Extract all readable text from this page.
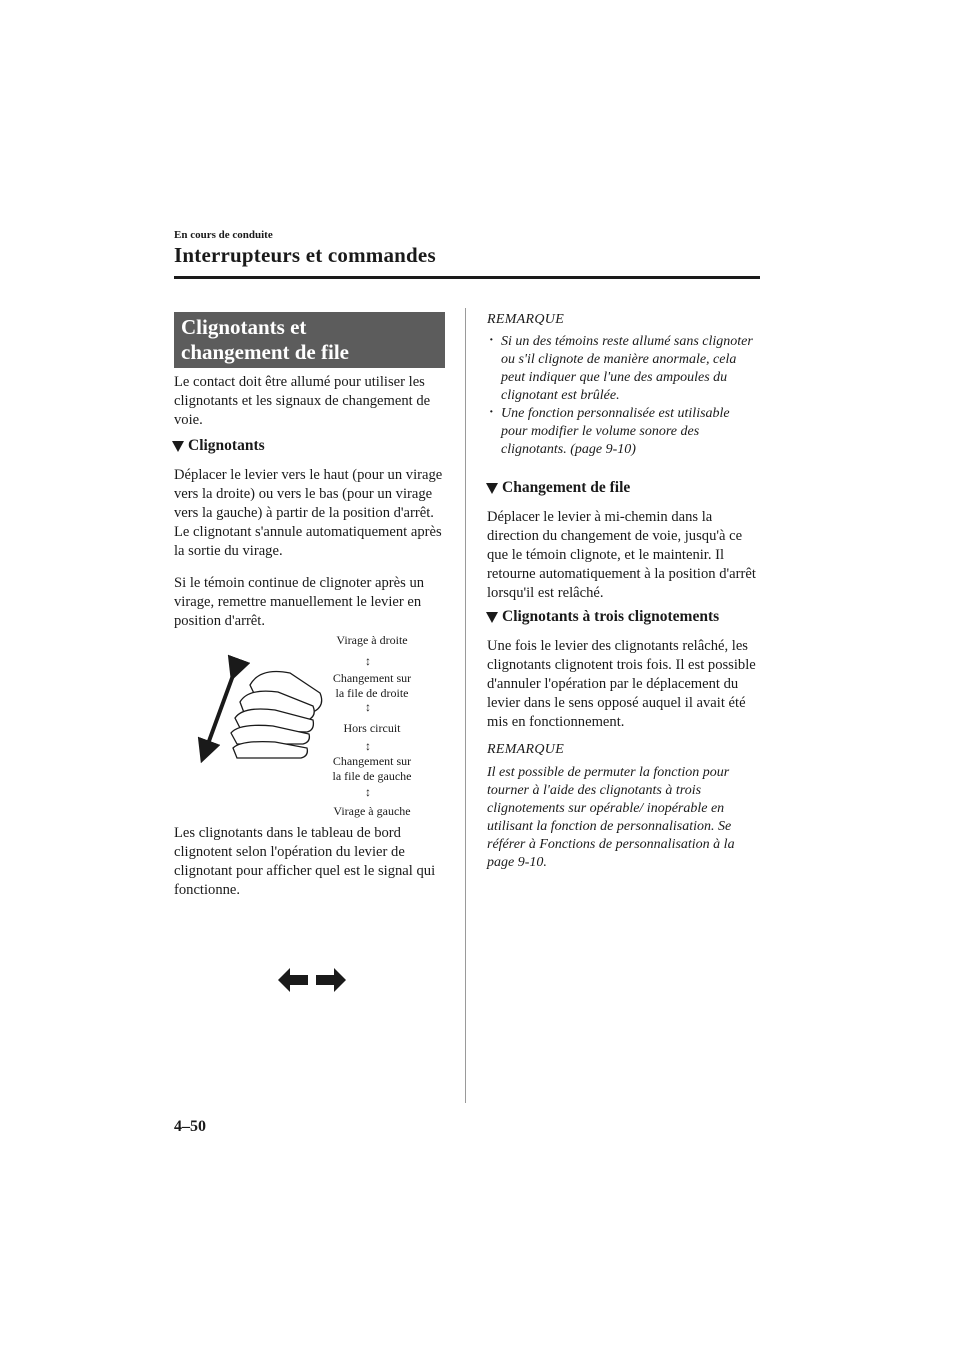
En cours de conduite
Interrupteurs et commandes
Clignotants et
changement de file
Le contact doit être allumé pour utiliser les clignotants et les signaux de changement de voie.
Clignotants
Déplacer le levier vers le haut (pour un virage vers la droite) ou vers le bas (pour un virage vers la gauche) à partir de la position d'arrêt. Le clignotant s'annule automatiquement après la sortie du virage.
Si le témoin continue de clignoter après un virage, remettre manuellement le levier en position d'arrêt.
Virage à droite
↕
Changement sur
la file de droite
↕
Hors circuit
↕
Changement sur
la file de gauche
↕
Virage à gauche
Les clignotants dans le tableau de bord clignotent selon l'opération du levier de clignotant pour afficher quel est le signal qui fonctionne.
REMARQUE
· Si un des témoins reste allumé sans clignoter ou s'il clignote de manière anormale, cela peut indiquer que l'une des ampoules du clignotant est brûlée.
· Une fonction personnalisée est utilisable pour modifier le volume sonore des clignotants. (page 9-10)
Changement de file
Déplacer le levier à mi-chemin dans la direction du changement de voie, jusqu'à ce que le témoin clignote, et le maintenir. Il retourne automatiquement à la position d'arrêt lorsqu'il est relâché.
Clignotants à trois clignotements
Une fois le levier des clignotants relâché, les clignotants clignotent trois fois. Il est possible d'annuler l'opération par le déplacement du levier dans le sens opposé auquel il avait été mis en fonctionnement.
REMARQUE
Il est possible de permuter la fonction pour tourner à l'aide des clignotants à trois clignotements sur opérable/ inopérable en utilisant la fonction de personnalisation. Se référer à Fonctions de personnalisation à la page 9-10.
4–50
